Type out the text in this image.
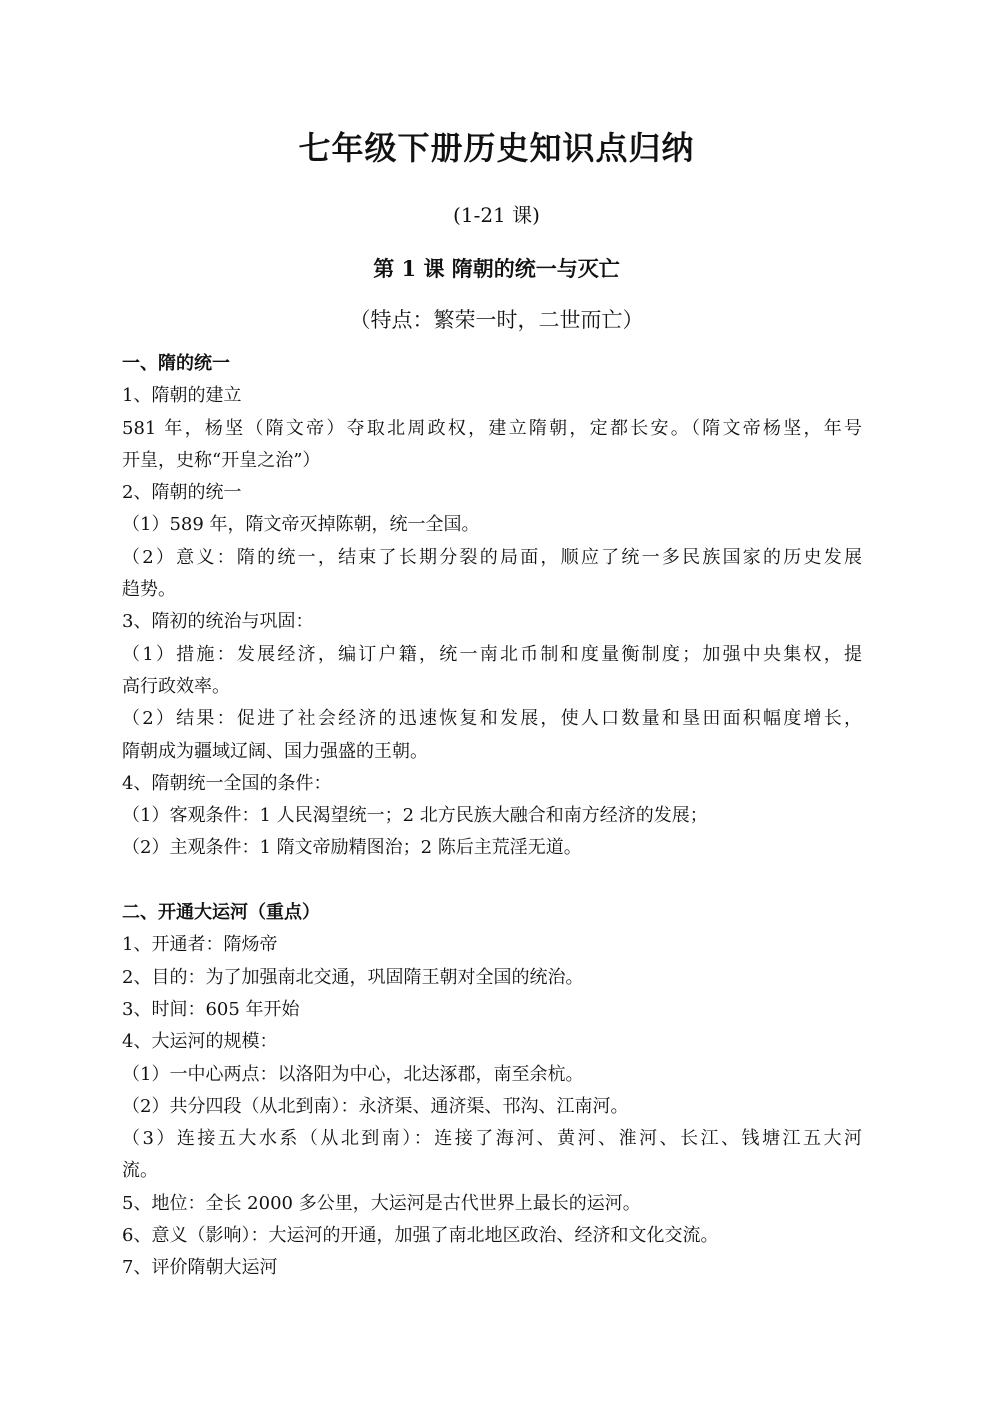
七年级下册历史知识点归纳
(1-21 课)
第 1 课 隋朝的统一与灭亡
（特点：繁荣一时，二世而亡）
一、隋的统一
1、隋朝的建立
581 年，杨坚（隋文帝）夺取北周政权，建立隋朝，定都长安。（隋文帝杨坚，年号
开皇，史称“开皇之治”）
2、隋朝的统一
（1）589 年，隋文帝灭掉陈朝，统一全国。
（2）意义：隋的统一，结束了长期分裂的局面，顺应了统一多民族国家的历史发展
趋势。
3、隋初的统治与巩固：
（1）措施：发展经济，编订户籍，统一南北币制和度量衡制度；加强中央集权，提
高行政效率。
（2）结果：促进了社会经济的迅速恢复和发展，使人口数量和垦田面积幅度增长，
隋朝成为疆域辽阔、国力强盛的王朝。
4、隋朝统一全国的条件：
（1）客观条件：1 人民渴望统一；2 北方民族大融合和南方经济的发展；
（2）主观条件：1 隋文帝励精图治；2 陈后主荒淫无道。
二、开通大运河（重点）
1、开通者：隋炀帝
2、目的：为了加强南北交通，巩固隋王朝对全国的统治。
3、时间：605 年开始
4、大运河的规模：
（1）一中心两点：以洛阳为中心，北达涿郡，南至余杭。
（2）共分四段（从北到南）：永济渠、通济渠、邗沟、江南河。
（3）连接五大水系（从北到南）：连接了海河、黄河、淮河、长江、钱塘江五大河
流。
5、地位：全长 2000 多公里，大运河是古代世界上最长的运河。
6、意义（影响）：大运河的开通，加强了南北地区政治、经济和文化交流。
7、评价隋朝大运河
